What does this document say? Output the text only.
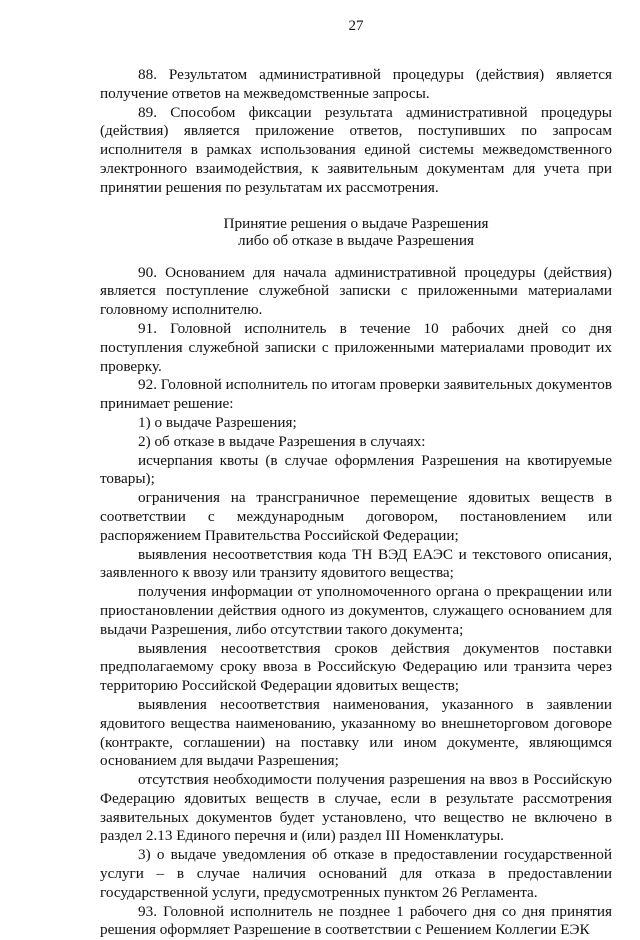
27

88. Результатом административной процедуры (действия) является получение ответов на межведомственные запросы.

89. Способом фиксации результата административной процедуры (действия) является приложение ответов, поступивших по запросам исполнителя в рамках использования единой системы межведомственного электронного взаимодействия, к заявительным документам для учета при принятии решения по результатам их рассмотрения.

Принятие решения о выдаче Разрешения
либо об отказе в выдаче Разрешения

90. Основанием для начала административной процедуры (действия) является поступление служебной записки с приложенными материалами головному исполнителю.

91. Головной исполнитель в течение 10 рабочих дней со дня поступления служебной записки с приложенными материалами проводит их проверку.

92. Головной исполнитель по итогам проверки заявительных документов принимает решение:

1) о выдаче Разрешения;

2) об отказе в выдаче Разрешения в случаях:

исчерпания квоты (в случае оформления Разрешения на квотируемые товары);

ограничения на трансграничное перемещение ядовитых веществ в соответствии с международным договором, постановлением или распоряжением Правительства Российской Федерации;

выявления несоответствия кода ТН ВЭД ЕАЭС и текстового описания, заявленного к ввозу или транзиту ядовитого вещества;

получения информации от уполномоченного органа о прекращении или приостановлении действия одного из документов, служащего основанием для выдачи Разрешения, либо отсутствии такого документа;

выявления несоответствия сроков действия документов поставки предполагаемому сроку ввоза в Российскую Федерацию или транзита через территорию Российской Федерации ядовитых веществ;

выявления несоответствия наименования, указанного в заявлении ядовитого вещества наименованию, указанному во внешнеторговом договоре (контракте, соглашении) на поставку или ином документе, являющимся основанием для выдачи Разрешения;

отсутствия необходимости получения разрешения на ввоз в Российскую Федерацию ядовитых веществ в случае, если в результате рассмотрения заявительных документов будет установлено, что вещество не включено в раздел 2.13 Единого перечня и (или) раздел III Номенклатуры.

3) о выдаче уведомления об отказе в предоставлении государственной услуги – в случае наличия оснований для отказа в предоставлении государственной услуги, предусмотренных пунктом 26 Регламента.

93. Головной исполнитель не позднее 1 рабочего дня со дня принятия решения оформляет Разрешение в соответствии с Решением Коллегии ЕЭК
